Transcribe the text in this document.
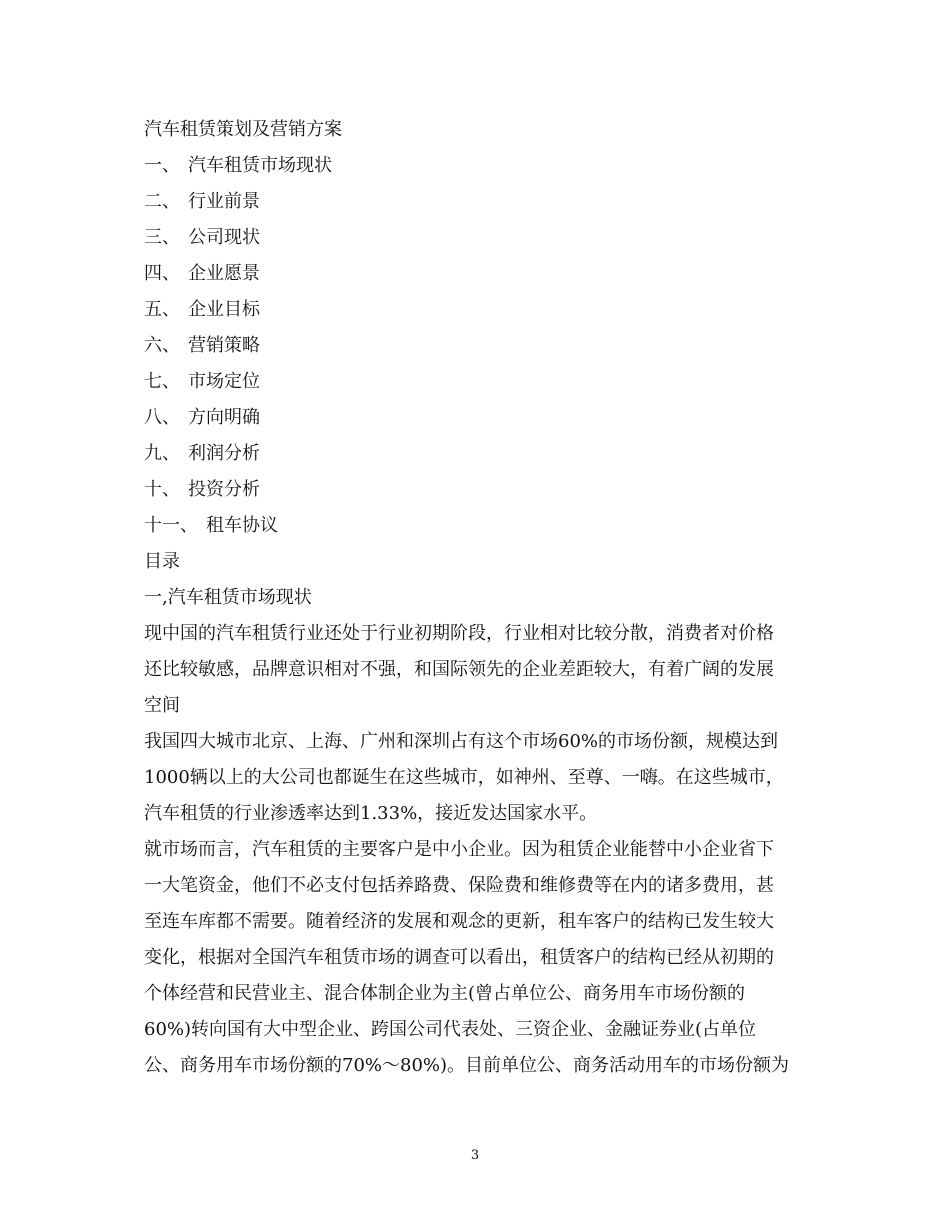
汽车租赁策划及营销方案
一、 汽车租赁市场现状
二、 行业前景
三、 公司现状
四、 企业愿景
五、 企业目标
六、 营销策略
七、 市场定位
八、 方向明确
九、 利润分析
十、 投资分析
十一、 租车协议
目录
一,汽车租赁市场现状
现中国的汽车租赁行业还处于行业初期阶段，行业相对比较分散，消费者对价格
还比较敏感，品牌意识相对不强，和国际领先的企业差距较大，有着广阔的发展
空间
我国四大城市北京、上海、广州和深圳占有这个市场60%的市场份额，规模达到
1000辆以上的大公司也都诞生在这些城市，如神州、至尊、一嗨。在这些城市，
汽车租赁的行业渗透率达到1.33%，接近发达国家水平。
就市场而言，汽车租赁的主要客户是中小企业。因为租赁企业能替中小企业省下
一大笔资金，他们不必支付包括养路费、保险费和维修费等在内的诸多费用，甚
至连车库都不需要。随着经济的发展和观念的更新，租车客户的结构已发生较大
变化，根据对全国汽车租赁市场的调查可以看出，租赁客户的结构已经从初期的
个体经营和民营业主、混合体制企业为主(曾占单位公、商务用车市场份额的
60%)转向国有大中型企业、跨国公司代表处、三资企业、金融证券业(占单位
公、商务用车市场份额的70%～80%)。目前单位公、商务活动用车的市场份额为
3
